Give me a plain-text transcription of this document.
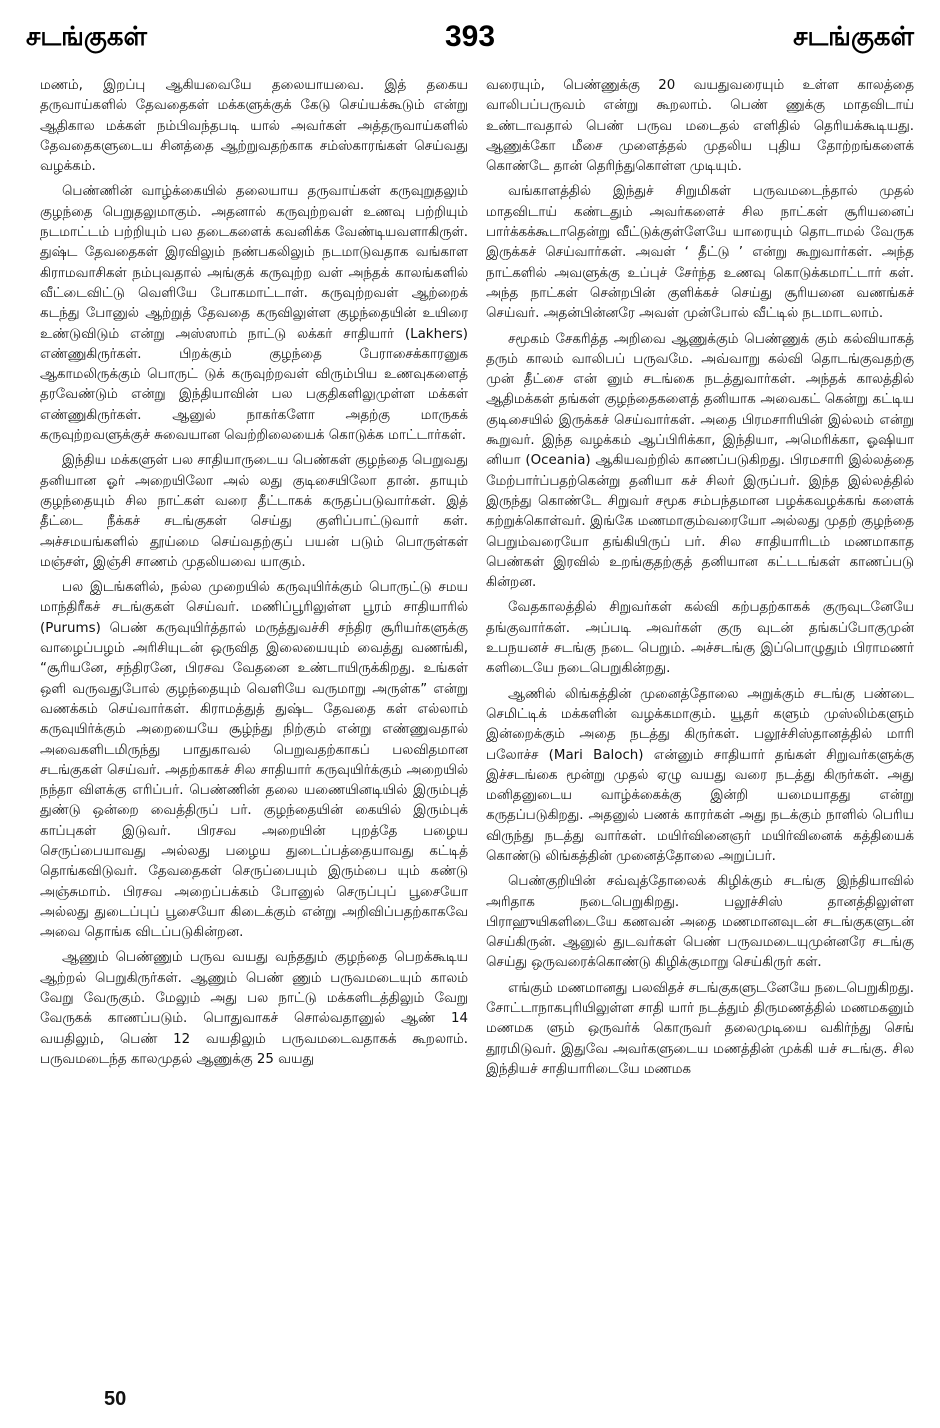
சடங்குகள்	393	சடங்குகள்

மணம், இறப்பு ஆகியவையே தலையாயவை. இத் தகைய தருவாய்களில் தேவதைகள் மக்களுக்குக் கேடு செய்யக்கூடும் என்று ஆதிகால மக்கள் நம்பிவந்தபடி யால் அவர்கள் அத்தருவாய்களில் தேவதைகளுடைய சினத்தை ஆற்றுவதற்காக சம்ஸ்காரங்கள் செய்வது வழக்கம்.

பெண்ணின் வாழ்க்கையில் தலையாய தருவாய்கள் கருவுறுதலும் குழந்தை பெறுதலுமாகும். அதனால் கருவுற்றவள் உணவு பற்றியும் நடமாட்டம் பற்றியும் பல தடைகளைக் கவனிக்க வேண்டியவளாகிருள். துஷ்ட தேவதைகள் இரவிலும் நண்பகலிலும் நடமாடுவதாக வங்காள கிராமவாசிகள் நம்புவதால் அங்குக் கருவுற்ற வள் அந்தக் காலங்களில் வீட்டைவிட்டு வெளியே போகமாட்டாள். கருவுற்றவள் ஆற்றைக் கடந்து போனுல் ஆற்றுத் தேவதை கருவிலுள்ள குழந்தையின் உயிரை உண்டுவிடும் என்று அஸ்ஸாம் நாட்டு லக்கர் சாதியார் (Lakhers) எண்ணுகிருர்கள். பிறக்கும் குழந்தை பேராசைக்காரனுக ஆகாமலிருக்கும் பொருட் டுக் கருவுற்றவள் விரும்பிய உணவுகளைத் தரவேண்டும் என்று இந்தியாவின் பல பகுதிகளிலுமுள்ள மக்கள் எண்ணுகிருர்கள். ஆனுல் நாகர்களோ அதற்கு மாருகக் கருவுற்றவளுக்குச் சுவையான வெற்றிலையைக் கொடுக்க மாட்டார்கள்.

இந்திய மக்களுள் பல சாதியாருடைய பெண்கள் குழந்தை பெறுவது தனியான ஓர் அறையிலோ அல் லது குடிசையிலோ தான். தாயும் குழந்தையும் சில நாட்கள் வரை தீட்டாகக் கருதப்படுவார்கள். இத் தீட்டை நீக்கச் சடங்குகள் செய்து குளிப்பாட்டுவார் கள். அச்சமயங்களில் தூய்மை செய்வதற்குப் பயன் படும் பொருள்கள் மஞ்சள், இஞ்சி சாணம் முதலியவை யாகும்.

பல இடங்களில், நல்ல முறையில் கருவுயிர்க்கும் பொருட்டு சமய மாந்திரீகச் சடங்குகள் செய்வர். மணிப்பூரிலுள்ள பூரம் சாதியாரில் (Purums) பெண் கருவுயிர்த்தால் மருத்துவச்சி சந்திர சூரியர்களுக்கு வாழைப்பழம் அரிசியுடன் ஒருவித இலையையும் வைத்து வணங்கி, “சூரியனே, சந்திரனே, பிரசவ வேதனை உண்டாயிருக்கிறது. உங்கள் ஒளி வருவதுபோல் குழந்தையும் வெளியே வருமாறு அருள்க” என்று வணக்கம் செய்வார்கள். கிராமத்துத் துஷ்ட தேவதை கள் எல்லாம் கருவுயிர்க்கும் அறையையே சூழ்ந்து நிற்கும் என்று எண்ணுவதால் அவைகளிடமிருந்து பாதுகாவல் பெறுவதற்காகப் பலவிதமான சடங்குகள் செய்வர். அதற்காகச் சில சாதியார் கருவுயிர்க்கும் அறையில் நந்தா விளக்கு எரிப்பர். பெண்ணின் தலை யணையினடியில் இரும்புத் துண்டு ஒன்றை வைத்திருப் பர். குழந்தையின் கையில் இரும்புக் காப்புகள் இடுவர். பிரசவ அறையின் புறத்தே பழைய செருப்பையாவது அல்லது பழைய துடைப்பத்தையாவது கட்டித் தொங்கவிடுவர். தேவதைகள் செருப்பையும் இரும்பை யும் கண்டு அஞ்சுமாம். பிரசவ அறைப்பக்கம் போனுல் செருப்புப் பூசையோ அல்லது துடைப்புப் பூசையோ கிடைக்கும் என்று அறிவிப்பதற்காகவே அவை தொங்க விடப்படுகின்றன.

ஆணும் பெண்ணும் பருவ வயது வந்ததும் குழந்தை பெறக்கூடிய ஆற்றல் பெறுகிருர்கள். ஆணும் பெண் ணும் பருவமடையும் காலம் வேறு வேருகும். மேலும் அது பல நாட்டு மக்களிடத்திலும் வேறு வேருகக் காணப்படும். பொதுவாகச் சொல்வதானுல் ஆண் 14 வயதிலும், பெண் 12 வயதிலும் பருவமடைவதாகக் கூறலாம். பருவமடைந்த காலமுதல் ஆணுக்கு 25 வயது

வரையும், பெண்ணுக்கு 20 வயதுவரையும் உள்ள காலத்தை வாலிபப்பருவம் என்று கூறலாம். பெண் ணுக்கு மாதவிடாய் உண்டாவதால் பெண் பருவ மடைதல் எளிதில் தெரியக்கூடியது. ஆணுக்கோ மீசை முளைத்தல் முதலிய புதிய தோற்றங்களைக் கொண்டே தான் தெரிந்துகொள்ள முடியும்.

வங்காளத்தில் இந்துச் சிறுமிகள் பருவமடைந்தால் முதல் மாதவிடாய் கண்டதும் அவர்களைச் சில நாட்கள் சூரியனைப் பார்க்கக்கூடாதென்று வீட்டுக்குள்ளேயே யாரையும் தொடாமல் வேருக இருக்கச் செய்வார்கள். அவள் ‘ தீட்டு ’ என்று கூறுவார்கள். அந்த நாட்களில் அவளுக்கு உப்புச் சேர்ந்த உணவு கொடுக்கமாட்டார் கள். அந்த நாட்கள் சென்றபின் குளிக்கச் செய்து சூரியனை வணங்கச் செய்வர். அதன்பின்னரே அவள் முன்போல் வீட்டில் நடமாடலாம்.

சமூகம் சேகரித்த அறிவை ஆணுக்கும் பெண்ணுக் கும் கல்வியாகத் தரும் காலம் வாலிபப் பருவமே. அவ்வாறு கல்வி தொடங்குவதற்கு முன் தீட்சை என் னும் சடங்கை நடத்துவார்கள். அந்தக் காலத்தில் ஆதிமக்கள் தங்கள் குழந்தைகளைத் தனியாக அவைகட் கென்று கட்டிய குடிசையில் இருக்கச் செய்வார்கள். அதை பிரமசாரியின் இல்லம் என்று கூறுவர். இந்த வழக்கம் ஆப்பிரிக்கா, இந்தியா, அமெரிக்கா, ஓஷியா னியா (Oceania) ஆகியவற்றில் காணப்படுகிறது. பிரமசாரி இல்லத்தை மேற்பார்ப்பதற்கென்று தனியா கச் சிலர் இருப்பர். இந்த இல்லத்தில் இருந்து கொண்டே சிறுவர் சமூக சம்பந்தமான பழக்கவழக்கங் களைக் கற்றுக்கொள்வர். இங்கே மணமாகும்வரையோ அல்லது முதற் குழந்தை பெறும்வரையோ தங்கியிருப் பர். சில சாதியாரிடம் மணமாகாத பெண்கள் இரவில் உறங்குதற்குத் தனியான கட்டடங்கள் காணப்படு கின்றன.

வேதகாலத்தில் சிறுவர்கள் கல்வி கற்பதற்காகக் குருவுடனேயே தங்குவார்கள். அப்படி அவர்கள் குரு வுடன் தங்கப்போகுமுன் உபநயனச் சடங்கு நடை பெறும். அச்சடங்கு இப்பொழுதும் பிராமணர் களிடையே நடைபெறுகின்றது.

ஆணில் லிங்கத்தின் முனைத்தோலை அறுக்கும் சடங்கு பண்டை செமிட்டிக் மக்களின் வழக்கமாகும். யூதர் களும் முஸ்லிம்களும் இன்றைக்கும் அதை நடத்து கிருர்கள். பலூச்சிஸ்தானத்தில் மாரி பலோச்ச (Mari Baloch) என்னும் சாதியார் தங்கள் சிறுவர்களுக்கு இச்சடங்கை மூன்று முதல் ஏழு வயது வரை நடத்து கிருர்கள். அது மனிதனுடைய வாழ்க்கைக்கு இன்றி யமையாதது என்று கருதப்படுகிறது. அதனுல் பணக் காரர்கள் அது நடக்கும் நாளில் பெரிய விருந்து நடத்து வார்கள். மயிர்வினைஞர் மயிர்வினைக் கத்தியைக் கொண்டு லிங்கத்தின் முனைத்தோலை அறுப்பர்.

பெண்குறியின் சவ்வுத்தோலைக் கிழிக்கும் சடங்கு இந்தியாவில் அரிதாக நடைபெறுகிறது. பலூச்சிஸ் தானத்திலுள்ள பிராஹுயிகளிடையே கணவன் அதை மணமானவுடன் சடங்குகளுடன் செய்கிருன். ஆனுல் துடவர்கள் பெண் பருவமடையுமுன்னரே சடங்கு செய்து ஒருவரைக்கொண்டு கிழிக்குமாறு செய்கிருர் கள்.

எங்கும் மணமானது பலவிதச் சடங்குகளுடனேயே நடைபெறுகிறது. சோட்டாநாகபுரியிலுள்ள சாதி யார் நடத்தும் திருமணத்தில் மணமகனும் மணமக ளும் ஒருவர்க் கொருவர் தலைமுடியை வகிர்ந்து செங் தூரமிடுவர். இதுவே அவர்களுடைய மணத்தின் முக்கி யச் சடங்கு. சில இந்தியச் சாதியாரிடையே மணமக

50
